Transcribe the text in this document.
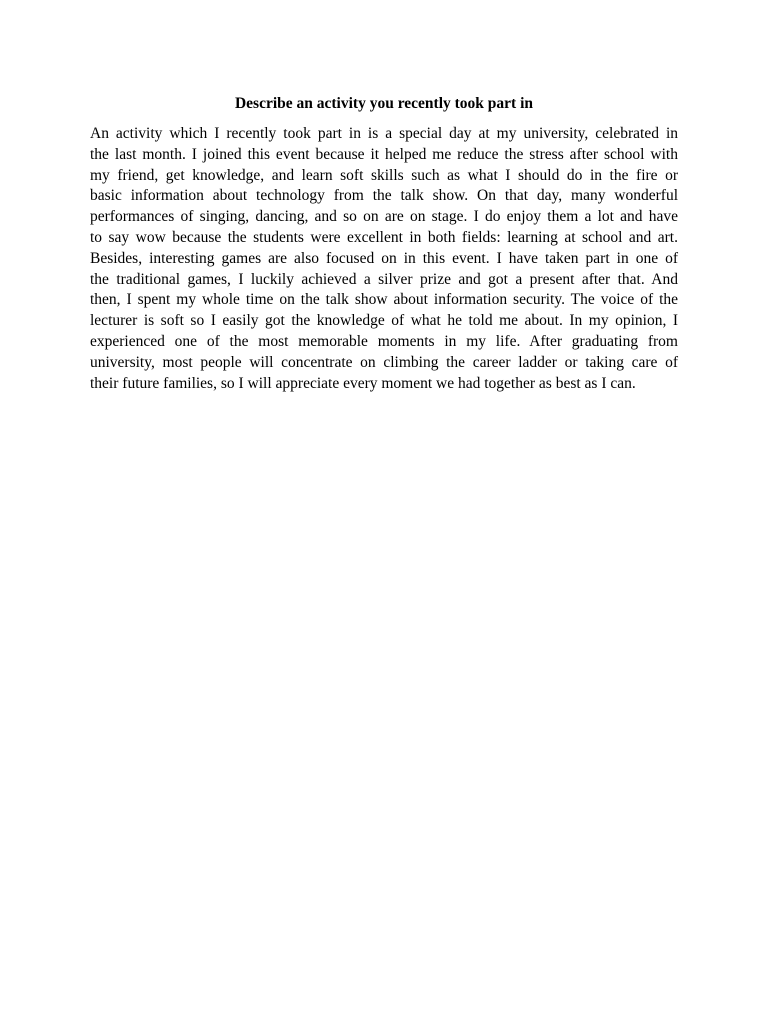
Describe an activity you recently took part in
An activity which I recently took part in is a special day at my university, celebrated in
the last month. I joined this event because it helped me reduce the stress after school with
my friend, get knowledge, and learn soft skills such as what I should do in the fire or
basic information about technology from the talk show. On that day, many wonderful
performances of singing, dancing, and so on are on stage. I do enjoy them a lot and have
to say wow because the students were excellent in both fields: learning at school and art.
Besides, interesting games are also focused on in this event. I have taken part in one of
the traditional games, I luckily achieved a silver prize and got a present after that. And
then, I spent my whole time on the talk show about information security. The voice of the
lecturer is soft so I easily got the knowledge of what he told me about. In my opinion, I
experienced one of the most memorable moments in my life. After graduating from
university, most people will concentrate on climbing the career ladder or taking care of
their future families, so I will appreciate every moment we had together as best as I can.
